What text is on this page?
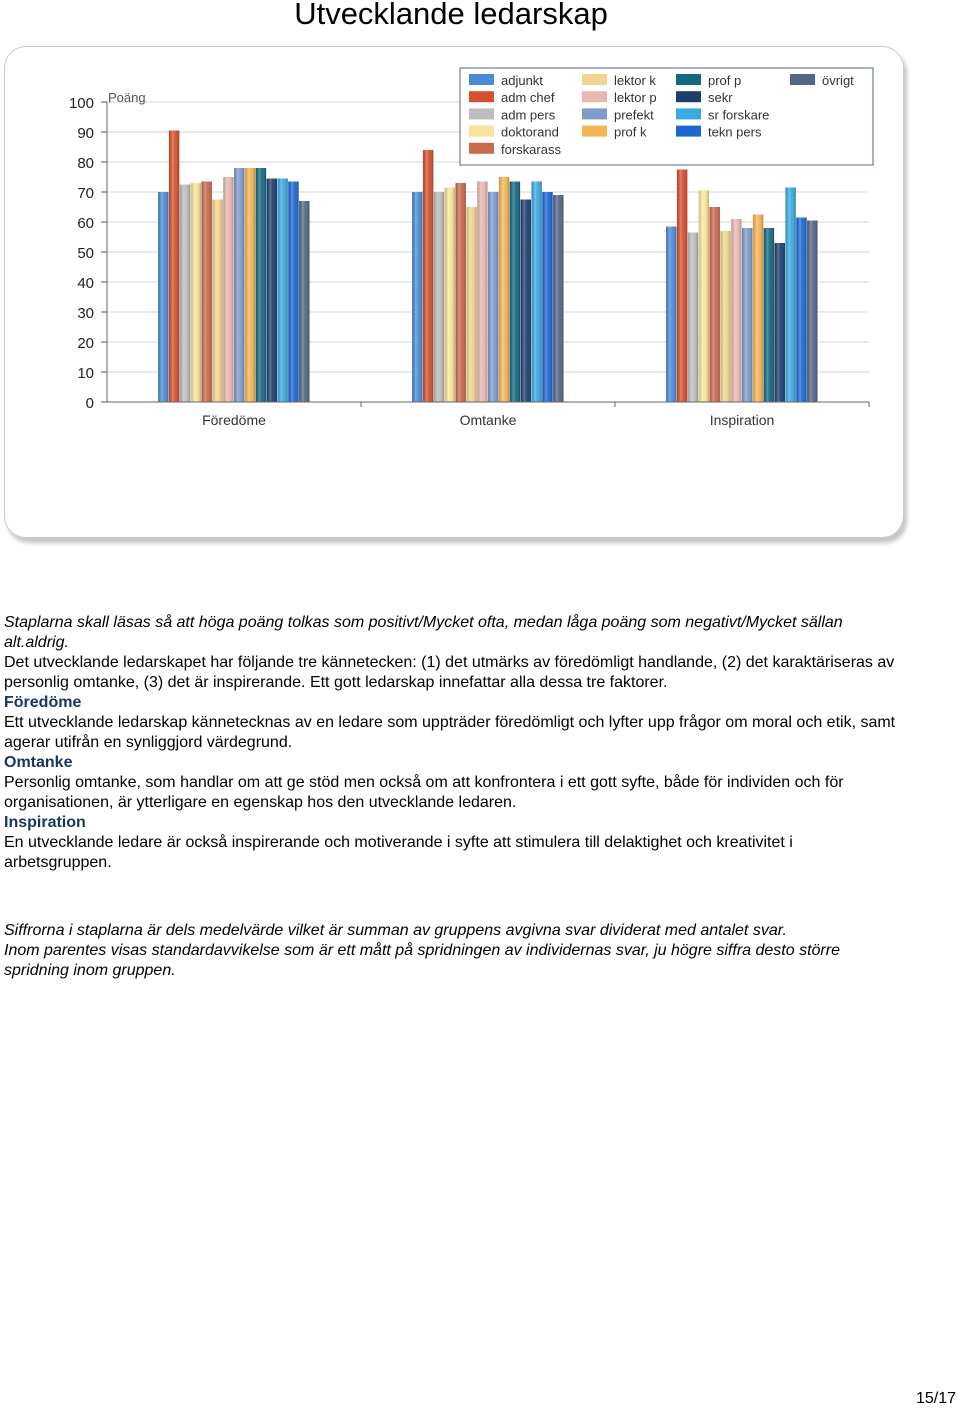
Utvecklande ledarskap
0
10
20
30
40
50
60
70
80
90
100 Poäng
Föredöme	Omtanke	Inspiration
adjunkt
adm chef
adm pers
doktorand
forskarass
lektor k
lektor p
prefekt
prof k
prof p
sekr
sr forskare
tekn pers
övrigt

Staplarna skall läsas så att höga poäng tolkas som positivt/Mycket ofta, medan låga poäng som negativt/Mycket sällan alt.aldrig.

Det utvecklande ledarskapet har följande tre kännetecken: (1) det utmärks av föredömligt handlande, (2) det karaktäriseras av personlig omtanke, (3) det är inspirerande. Ett gott ledarskap innefattar alla dessa tre faktorer.

Föredöme

Ett utvecklande ledarskap kännetecknas av en ledare som uppträder föredömligt och lyfter upp frågor om moral och etik, samt agerar utifrån en synliggjord värdegrund.

Omtanke

Personlig omtanke, som handlar om att ge stöd men också om att konfrontera i ett gott syfte, både för individen och för organisationen, är ytterligare en egenskap hos den utvecklande ledaren.

Inspiration

En utvecklande ledare är också inspirerande och motiverande i syfte att stimulera till delaktighet och kreativitet i arbetsgruppen.

Siffrorna i staplarna är dels medelvärde vilket är summan av gruppens avgivna svar dividerat med antalet svar.

Inom parentes visas standardavvikelse som är ett mått på spridningen av individernas svar, ju högre siffra desto större spridning inom gruppen.

15/17
